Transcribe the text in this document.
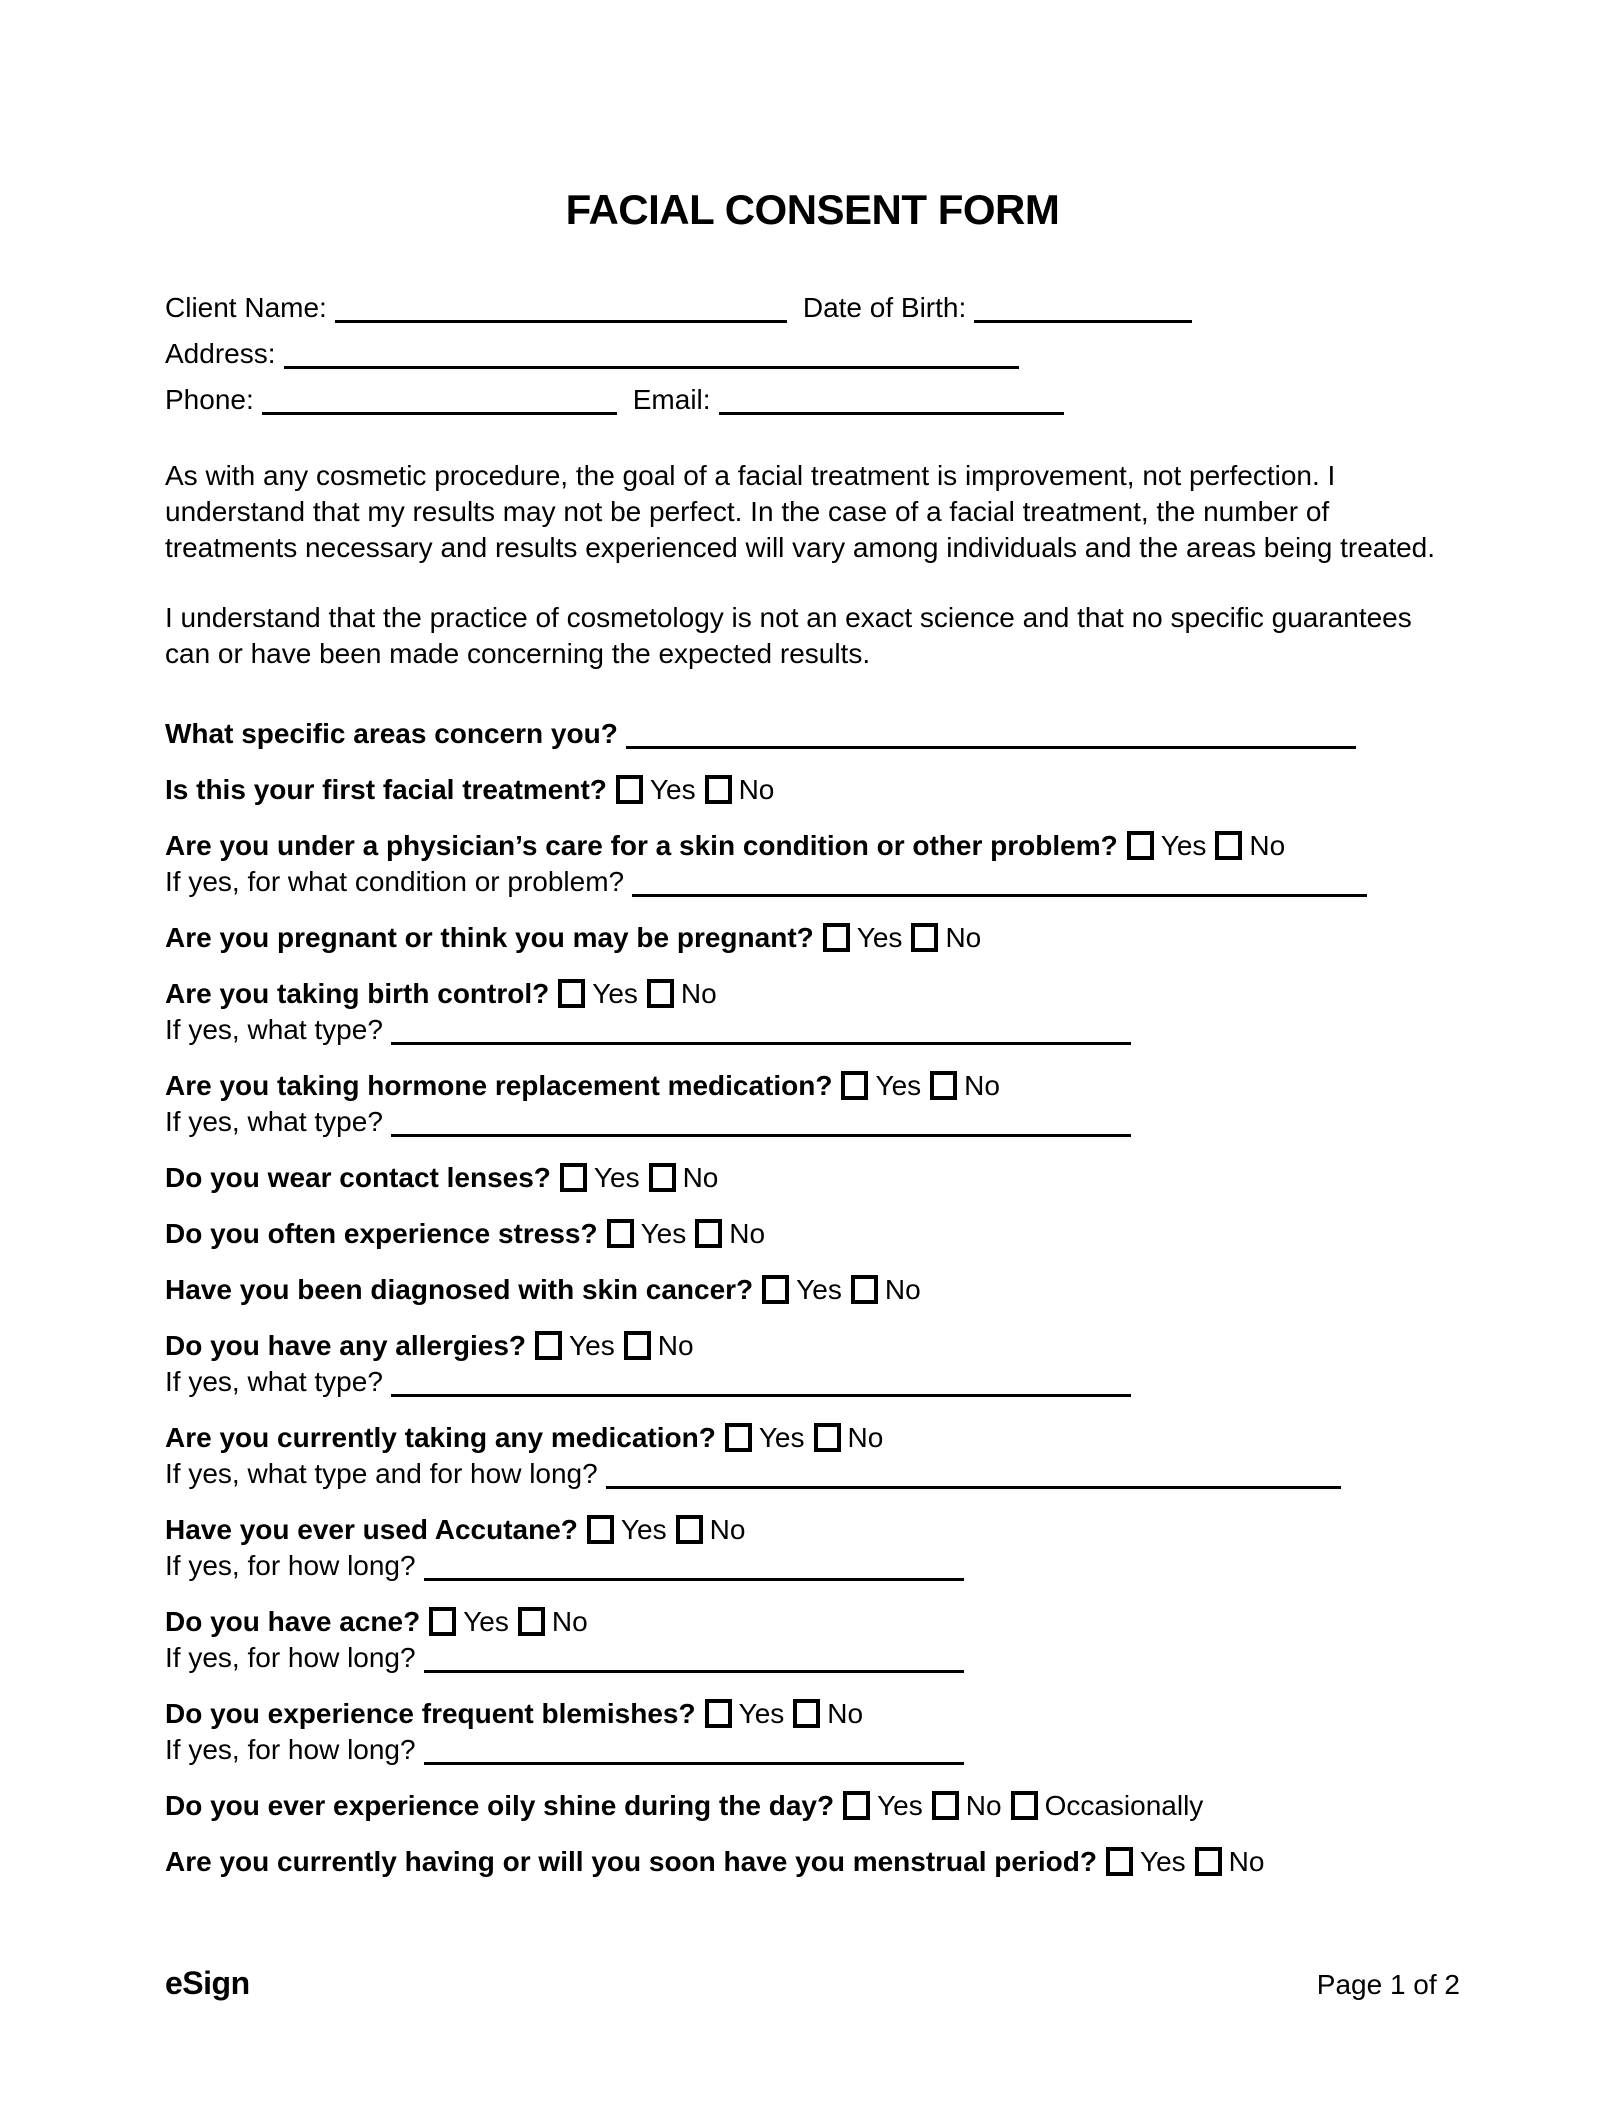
FACIAL CONSENT FORM
Client Name:	Date of Birth:
Address:
Phone:	Email:

As with any cosmetic procedure, the goal of a facial treatment is improvement, not perfection. I understand that my results may not be perfect. In the case of a facial treatment, the number of treatments necessary and results experienced will vary among individuals and the areas being treated.

I understand that the practice of cosmetology is not an exact science and that no specific guarantees can or have been made concerning the expected results.

What specific areas concern you?
Is this your first facial treatment? Yes No
Are you under a physician’s care for a skin condition or other problem? Yes No
If yes, for what condition or problem?
Are you pregnant or think you may be pregnant? Yes No
Are you taking birth control? Yes No
If yes, what type?
Are you taking hormone replacement medication? Yes No
If yes, what type?
Do you wear contact lenses? Yes No
Do you often experience stress? Yes No
Have you been diagnosed with skin cancer? Yes No
Do you have any allergies? Yes No
If yes, what type?
Are you currently taking any medication? Yes No
If yes, what type and for how long?
Have you ever used Accutane? Yes No
If yes, for how long?
Do you have acne? Yes No
If yes, for how long?
Do you experience frequent blemishes? Yes No
If yes, for how long?
Do you ever experience oily shine during the day? Yes No Occasionally
Are you currently having or will you soon have you menstrual period? Yes No
eSign	Page 1 of 2
